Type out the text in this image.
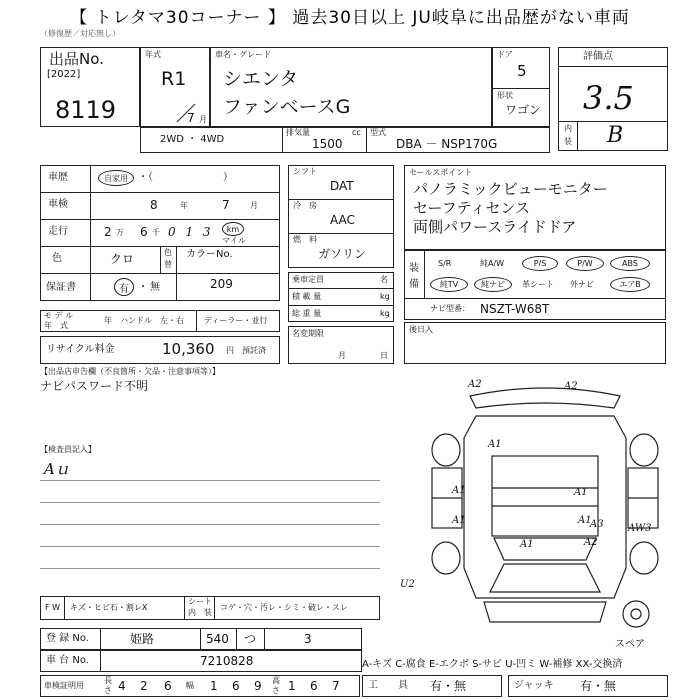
【 トレタマ30コーナー 】 過去30日以上 JU岐阜に出品歴がない車両
（修復歴／対応無し）
出品No.
[2022]
8119
年式
R1
7 月
車名・グレード
シエンタ
ファンベースG
ドア
5
形状
ワゴン
評価点
3.5
内
装 B
2WD ・ 4WD
排気量	cc
1500
型式
DBA － NSP170G
車歴	自家用	・（　　　　　　　）
車検	8	年	7	月
走行	2 万 6 千 0 1 3	km
マイル
色	クロ	色
替
カラーNo.
209
保証書	有 ・ 無
モ デ ル
年　式
年 ハンドル 左・右	ディーラー・並行
リサイクル料金	10,360 円 預託済
シフト
DAT
冷　房
AAC
燃　料
ガソリン
乗車定員	名
積 載 量	kg
総 重 量	kg
名変期限
月	日
セールスポイント
パノラミックビューモニター
セーフティセンス
両側パワースライドドア
装
備
S/R	純A/W	P/S	P/W	ABS
純TV	純ナビ	革シート 外ナビ	エアB
ナビ型番： NSZT-W68T
後日入
【出品店申告欄（不良箇所・欠品・注意事項等）】
ナビパスワード不明
【検査員記入】
Aｕ
A2	A2
A1
A1
A1
A1
A3
A2
U2
A1
A1
AW3
スペア
F W キズ・ヒビ石・割レX
シート
内　装
コゲ・穴・汚レ・シミ・破レ・スレ
登 録 No.	姫路	540 つ	3
車 台 No.	7210828	A-キズ C-腐食 E-エクボ S-サビ U-凹ミ W-補修 XX-交換済
車検証明用
長
さ 4 2 6 幅 1 6 9 高
さ 1 6 7	工　　具 有・無	ジャッキ 有・無
